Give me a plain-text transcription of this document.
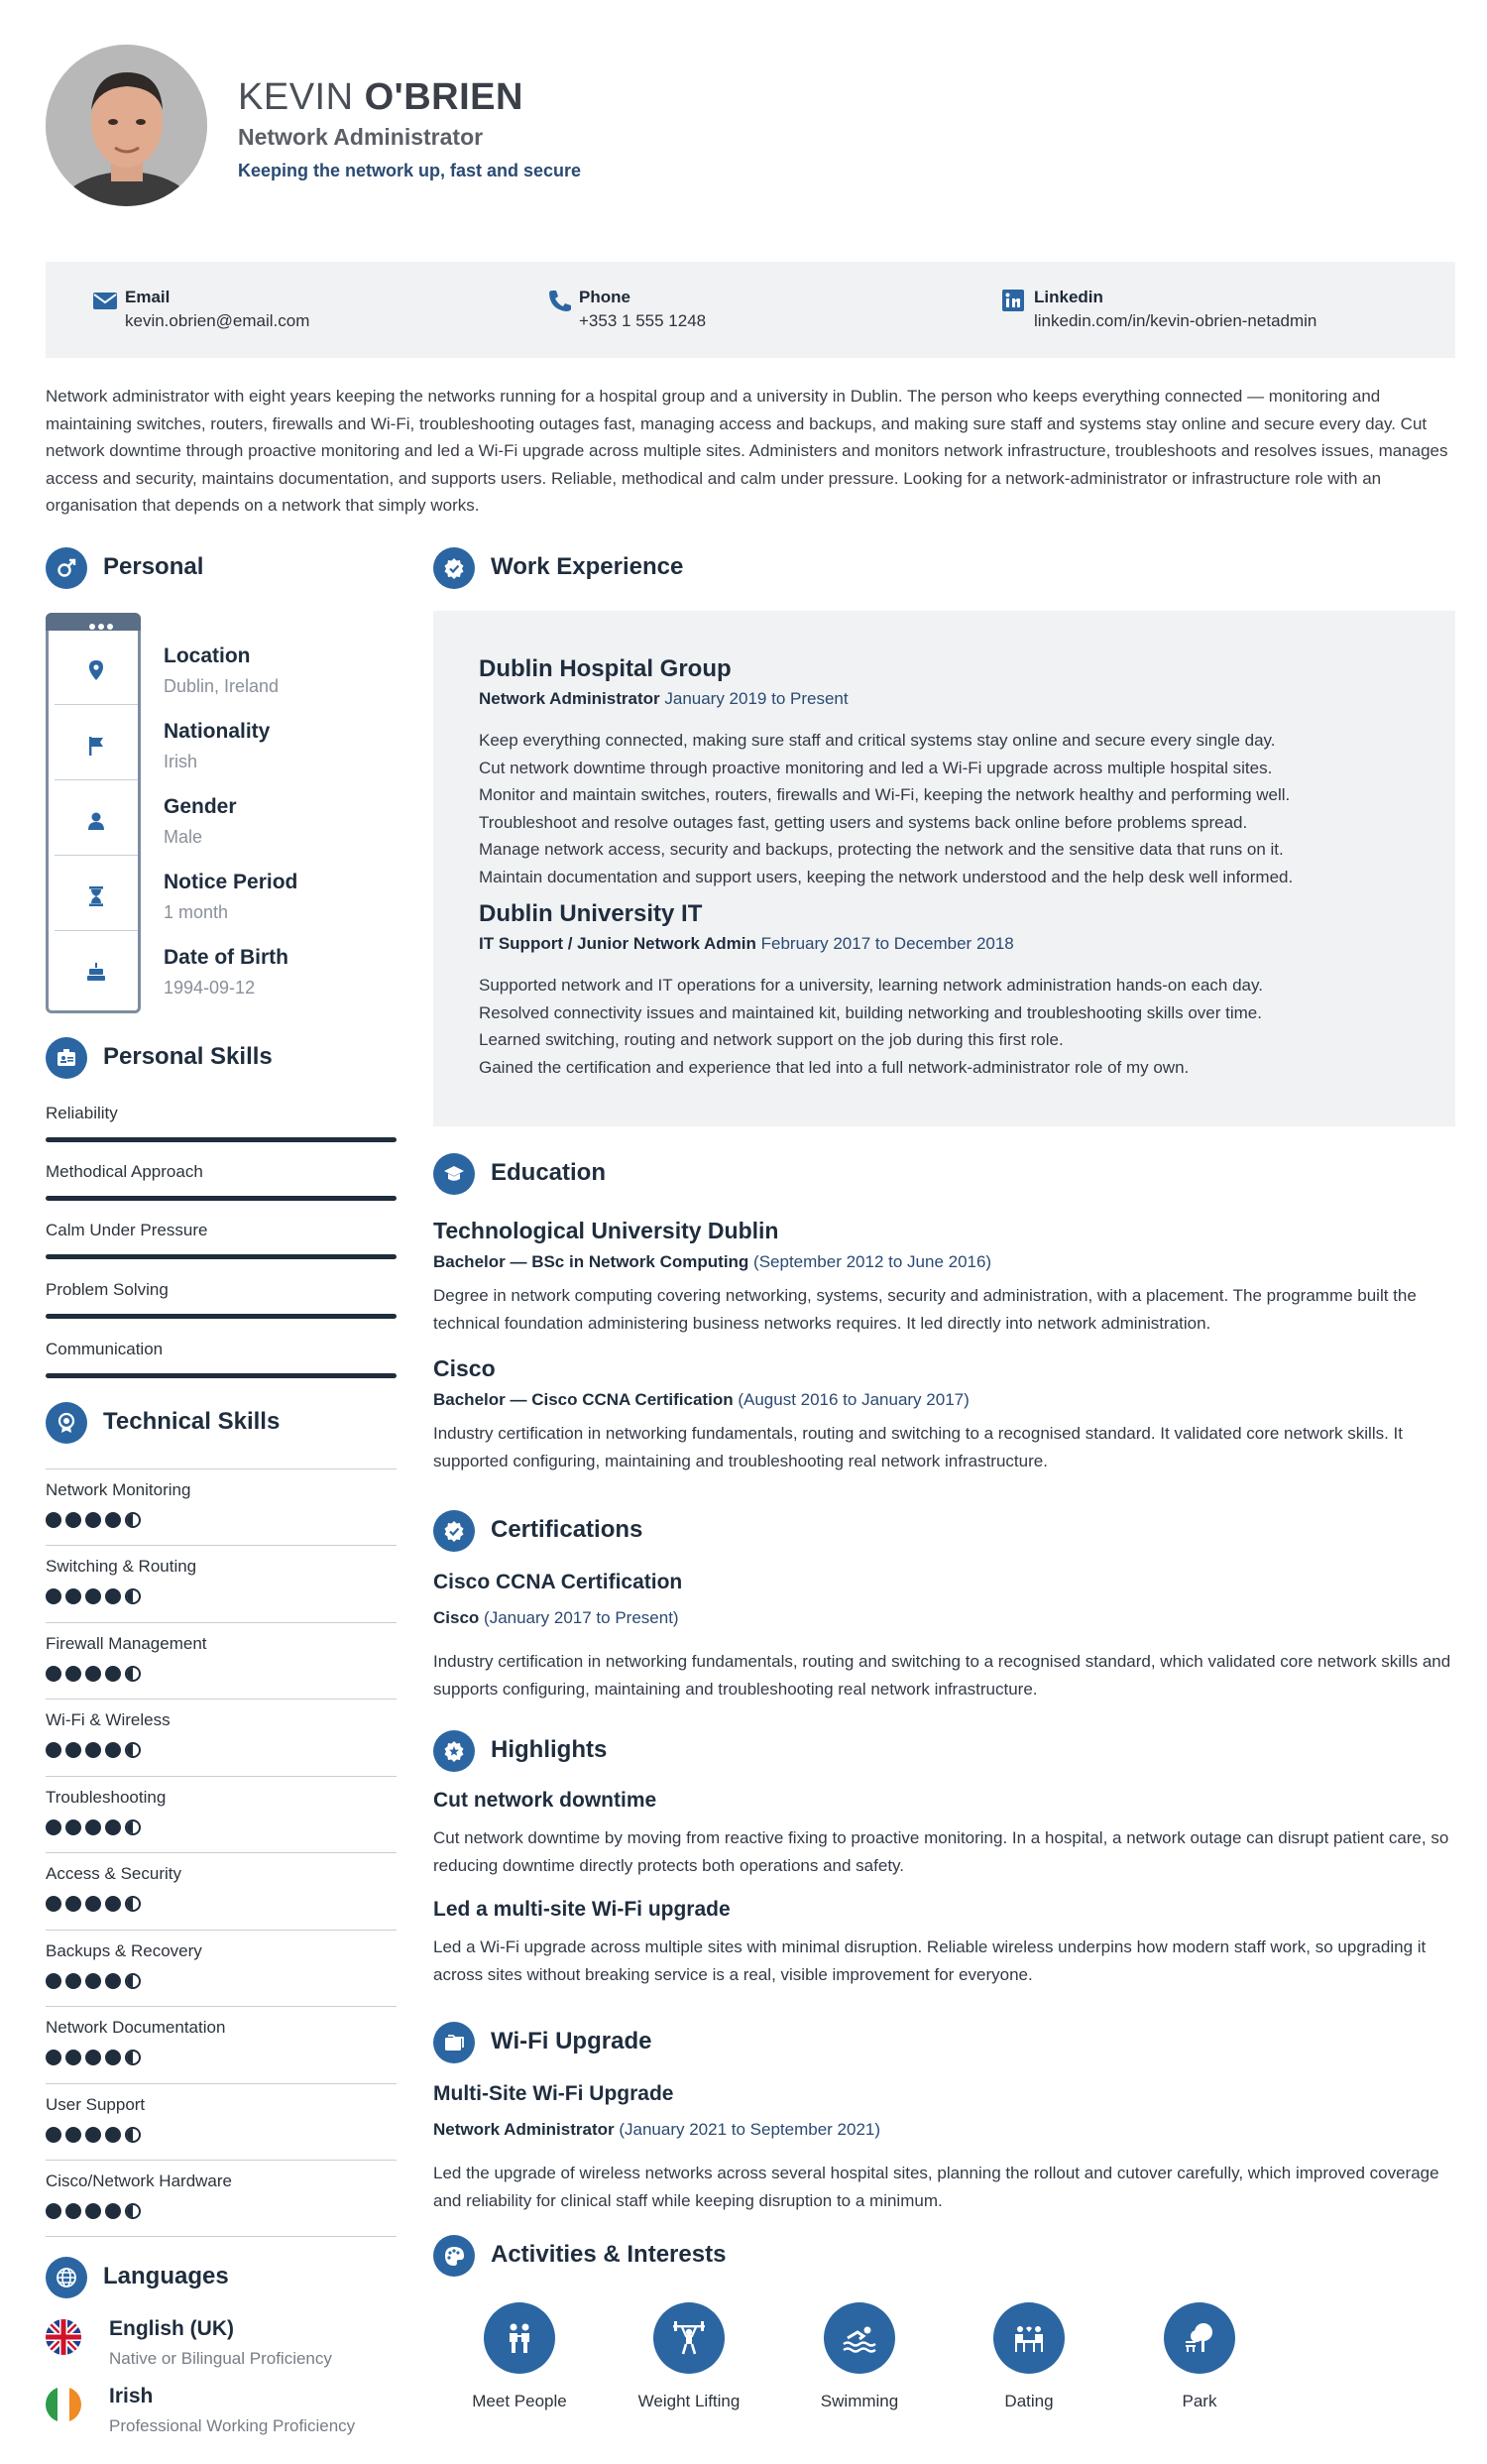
KEVIN O'BRIEN
Network Administrator
Keeping the network up, fast and secure
Email
kevin.obrien@email.com
Phone
+353 1 555 1248
Linkedin
linkedin.com/in/kevin-obrien-netadmin
Network administrator with eight years keeping the networks running for a hospital group and a university in Dublin. The person who keeps everything connected — monitoring and maintaining switches, routers, firewalls and Wi-Fi, troubleshooting outages fast, managing access and backups, and making sure staff and systems stay online and secure every day. Cut network downtime through proactive monitoring and led a Wi-Fi upgrade across multiple sites. Administers and monitors network infrastructure, troubleshoots and resolves issues, manages access and security, maintains documentation, and supports users. Reliable, methodical and calm under pressure. Looking for a network-administrator or infrastructure role with an organisation that depends on a network that simply works.
Personal
Location
Dublin, Ireland
Nationality
Irish
Gender
Male
Notice Period
1 month
Date of Birth
1994-09-12
Personal Skills
Reliability
Methodical Approach
Calm Under Pressure
Problem Solving
Communication
Technical Skills
Network Monitoring
Switching & Routing
Firewall Management
Wi-Fi & Wireless
Troubleshooting
Access & Security
Backups & Recovery
Network Documentation
User Support
Cisco/Network Hardware
Languages
English (UK)
Native or Bilingual Proficiency
Irish
Professional Working Proficiency
Work Experience
Dublin Hospital Group
Network Administrator January 2019 to Present
Keep everything connected, making sure staff and critical systems stay online and secure every single day.
Cut network downtime through proactive monitoring and led a Wi-Fi upgrade across multiple hospital sites.
Monitor and maintain switches, routers, firewalls and Wi-Fi, keeping the network healthy and performing well.
Troubleshoot and resolve outages fast, getting users and systems back online before problems spread.
Manage network access, security and backups, protecting the network and the sensitive data that runs on it.
Maintain documentation and support users, keeping the network understood and the help desk well informed.
Dublin University IT
IT Support / Junior Network Admin February 2017 to December 2018
Supported network and IT operations for a university, learning network administration hands-on each day.
Resolved connectivity issues and maintained kit, building networking and troubleshooting skills over time.
Learned switching, routing and network support on the job during this first role.
Gained the certification and experience that led into a full network-administrator role of my own.
Education
Technological University Dublin
Bachelor — BSc in Network Computing (September 2012 to June 2016)
Degree in network computing covering networking, systems, security and administration, with a placement. The programme built the technical foundation administering business networks requires. It led directly into network administration.
Cisco
Bachelor — Cisco CCNA Certification (August 2016 to January 2017)
Industry certification in networking fundamentals, routing and switching to a recognised standard. It validated core network skills. It supported configuring, maintaining and troubleshooting real network infrastructure.
Certifications
Cisco CCNA Certification
Cisco (January 2017 to Present)
Industry certification in networking fundamentals, routing and switching to a recognised standard, which validated core network skills and supports configuring, maintaining and troubleshooting real network infrastructure.
Highlights
Cut network downtime
Cut network downtime by moving from reactive fixing to proactive monitoring. In a hospital, a network outage can disrupt patient care, so reducing downtime directly protects both operations and safety.
Led a multi-site Wi-Fi upgrade
Led a Wi-Fi upgrade across multiple sites with minimal disruption. Reliable wireless underpins how modern staff work, so upgrading it across sites without breaking service is a real, visible improvement for everyone.
Wi-Fi Upgrade
Multi-Site Wi-Fi Upgrade
Network Administrator (January 2021 to September 2021)
Led the upgrade of wireless networks across several hospital sites, planning the rollout and cutover carefully, which improved coverage and reliability for clinical staff while keeping disruption to a minimum.
Activities & Interests
Meet People	Weight Lifting	Swimming	Dating	Park
